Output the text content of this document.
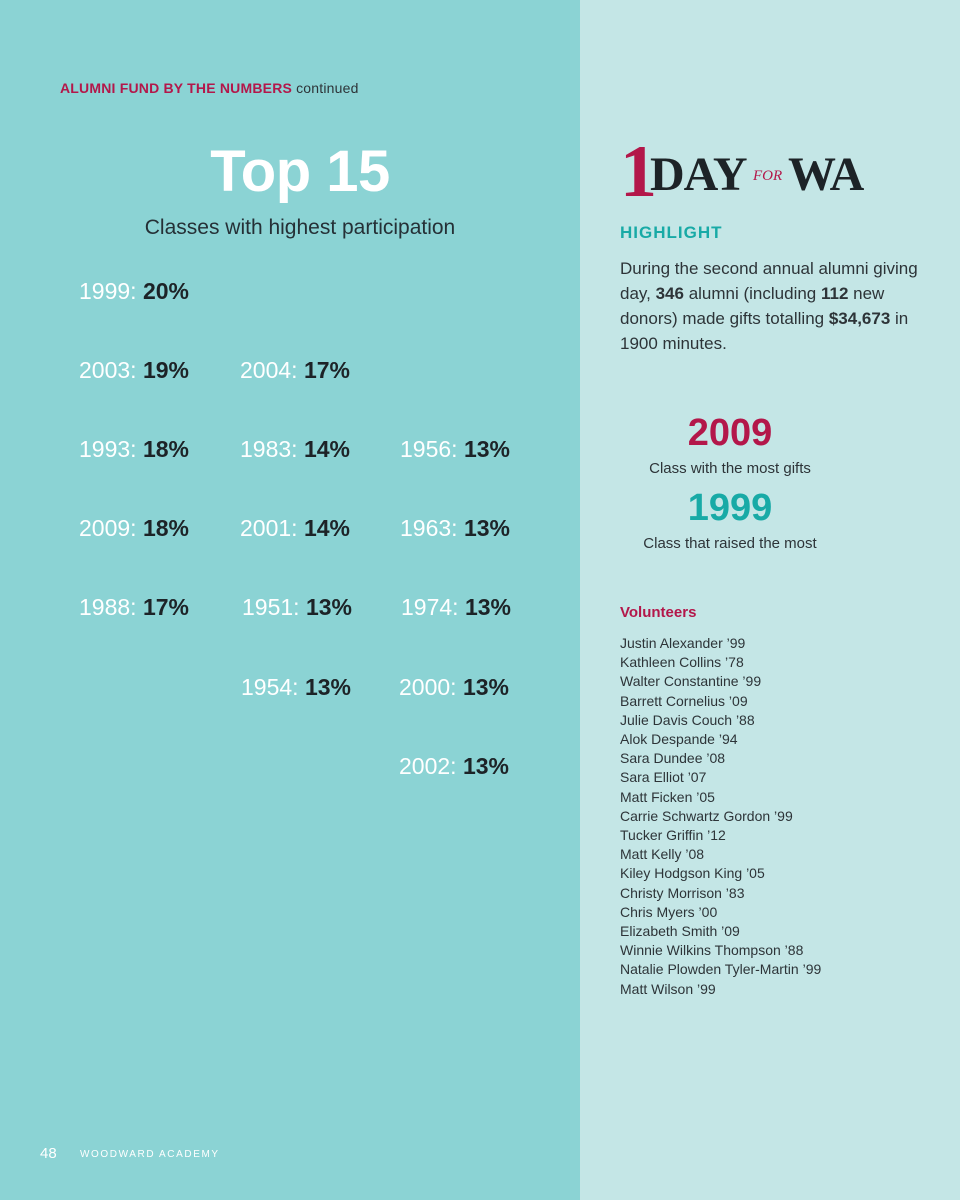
ALUMNI FUND BY THE NUMBERS continued
Top 15
Classes with highest participation
1999: 20%
2003: 19% 2004: 17%
1993: 18% 1983: 14% 1956: 13%
2009: 18% 2001: 14% 1963: 13%
1988: 17% 1951: 13% 1974: 13%
1954: 13% 2000: 13%
2002: 13%
48 WOODWARD ACADEMY
1
DAY FOR WA
HIGHLIGHT
During the second annual alumni giving day, 346 alumni (including 112 new donors) made gifts totalling $34,673 in 1900 minutes.
2009
Class with the most gifts
1999
Class that raised the most
Volunteers
Justin Alexander ’99
Kathleen Collins ’78
Walter Constantine ’99
Barrett Cornelius ’09
Julie Davis Couch ’88
Alok Despande ’94
Sara Dundee ’08
Sara Elliot ’07
Matt Ficken ’05
Carrie Schwartz Gordon ’99
Tucker Griffin ’12
Matt Kelly ’08
Kiley Hodgson King ’05
Christy Morrison ’83
Chris Myers ’00
Elizabeth Smith ’09
Winnie Wilkins Thompson ’88
Natalie Plowden Tyler-Martin ’99
Matt Wilson ’99
